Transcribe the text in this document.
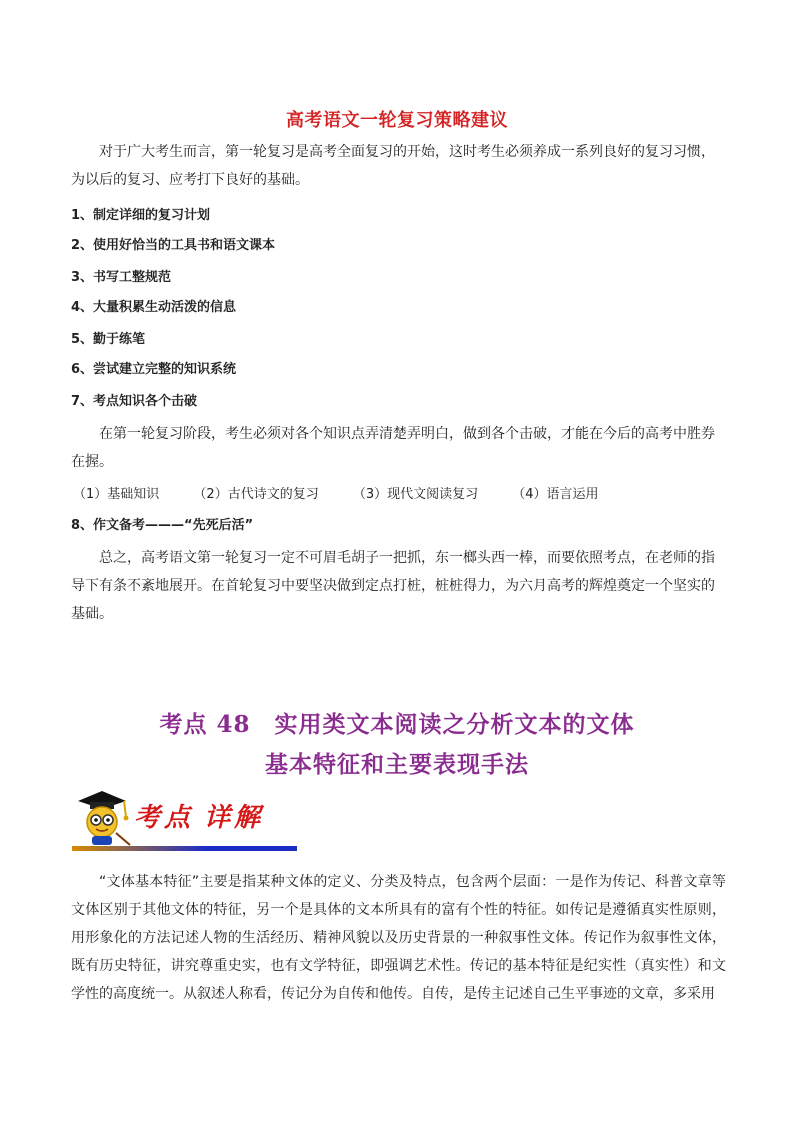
高考语文一轮复习策略建议

对于广大考生而言，第一轮复习是高考全面复习的开始，这时考生必须养成一系列良好的复习习惯，为以后的复习、应考打下良好的基础。

1、制定详细的复习计划

2、使用好恰当的工具书和语文课本

3、书写工整规范

4、大量积累生动活泼的信息

5、勤于练笔

6、尝试建立完整的知识系统

7、考点知识各个击破

在第一轮复习阶段，考生必须对各个知识点弄清楚弄明白，做到各个击破，才能在今后的高考中胜券在握。

（1）基础知识	（2）古代诗文的复习	（3）现代文阅读复习	（4）语言运用

8、作文备考———“先死后活”

总之，高考语文第一轮复习一定不可眉毛胡子一把抓，东一榔头西一棒，而要依照考点，在老师的指导下有条不紊地展开。在首轮复习中要坚决做到定点打桩，桩桩得力，为六月高考的辉煌奠定一个坚实的基础。

考点 48　实用类文本阅读之分析文本的文体
基本特征和主要表现手法
考点 详解

“文体基本特征”主要是指某种文体的定义、分类及特点，包含两个层面：一是作为传记、科普文章等文体区别于其他文体的特征，另一个是具体的文本所具有的富有个性的特征。如传记是遵循真实性原则，用形象化的方法记述人物的生活经历、精神风貌以及历史背景的一种叙事性文体。传记作为叙事性文体，既有历史特征，讲究尊重史实，也有文学特征，即强调艺术性。传记的基本特征是纪实性（真实性）和文学性的高度统一。从叙述人称看，传记分为自传和他传。自传，是传主记述自己生平事迹的文章，多采用
